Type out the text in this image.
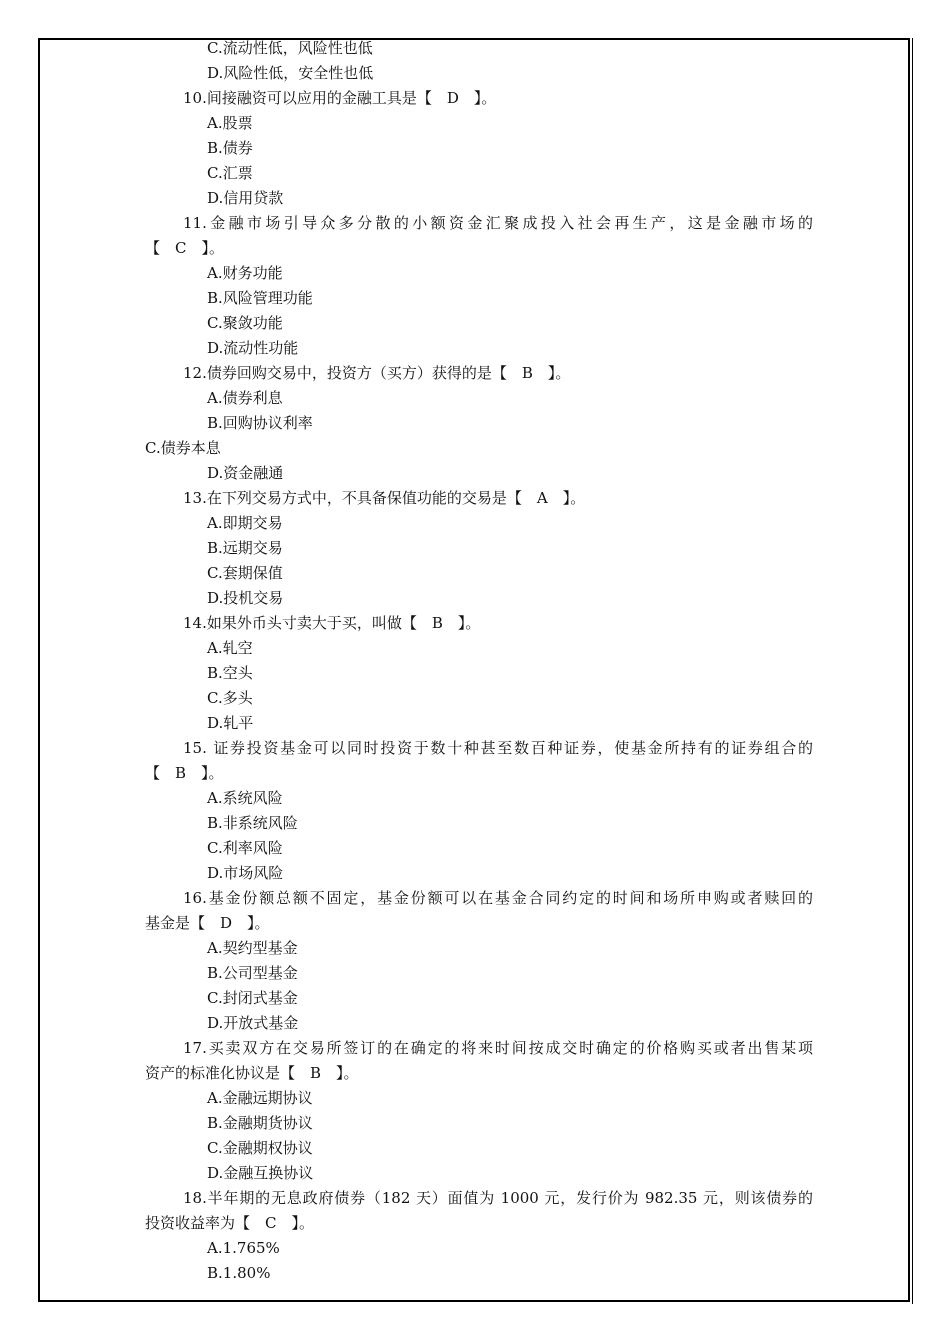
C.流动性低，风险性也低
D.风险性低，安全性也低
10.间接融资可以应用的金融工具是【　D　】。
A.股票
B.债券
C.汇票
D.信用贷款
11.金融市场引导众多分散的小额资金汇聚成投入社会再生产，这是金融市场的
【　C　】。
A.财务功能
B.风险管理功能
C.聚敛功能
D.流动性功能
12.债券回购交易中，投资方（买方）获得的是【　B　】。
A.债券利息
B.回购协议利率
C.债券本息
D.资金融通
13.在下列交易方式中，不具备保值功能的交易是【　A　】。
A.即期交易
B.远期交易
C.套期保值
D.投机交易
14.如果外币头寸卖大于买，叫做【　B　】。
A.轧空
B.空头
C.多头
D.轧平
15. 证券投资基金可以同时投资于数十种甚至数百种证券，使基金所持有的证券组合的
【　B　】。
A.系统风险
B.非系统风险
C.利率风险
D.市场风险
16.基金份额总额不固定，基金份额可以在基金合同约定的时间和场所申购或者赎回的
基金是【　D　】。
A.契约型基金
B.公司型基金
C.封闭式基金
D.开放式基金
17.买卖双方在交易所签订的在确定的将来时间按成交时确定的价格购买或者出售某项
资产的标准化协议是【　B　】。
A.金融远期协议
B.金融期货协议
C.金融期权协议
D.金融互换协议
18.半年期的无息政府债券（182 天）面值为 1000 元，发行价为 982.35 元，则该债券的
投资收益率为【　C　】。
A.1.765%
B.1.80%
